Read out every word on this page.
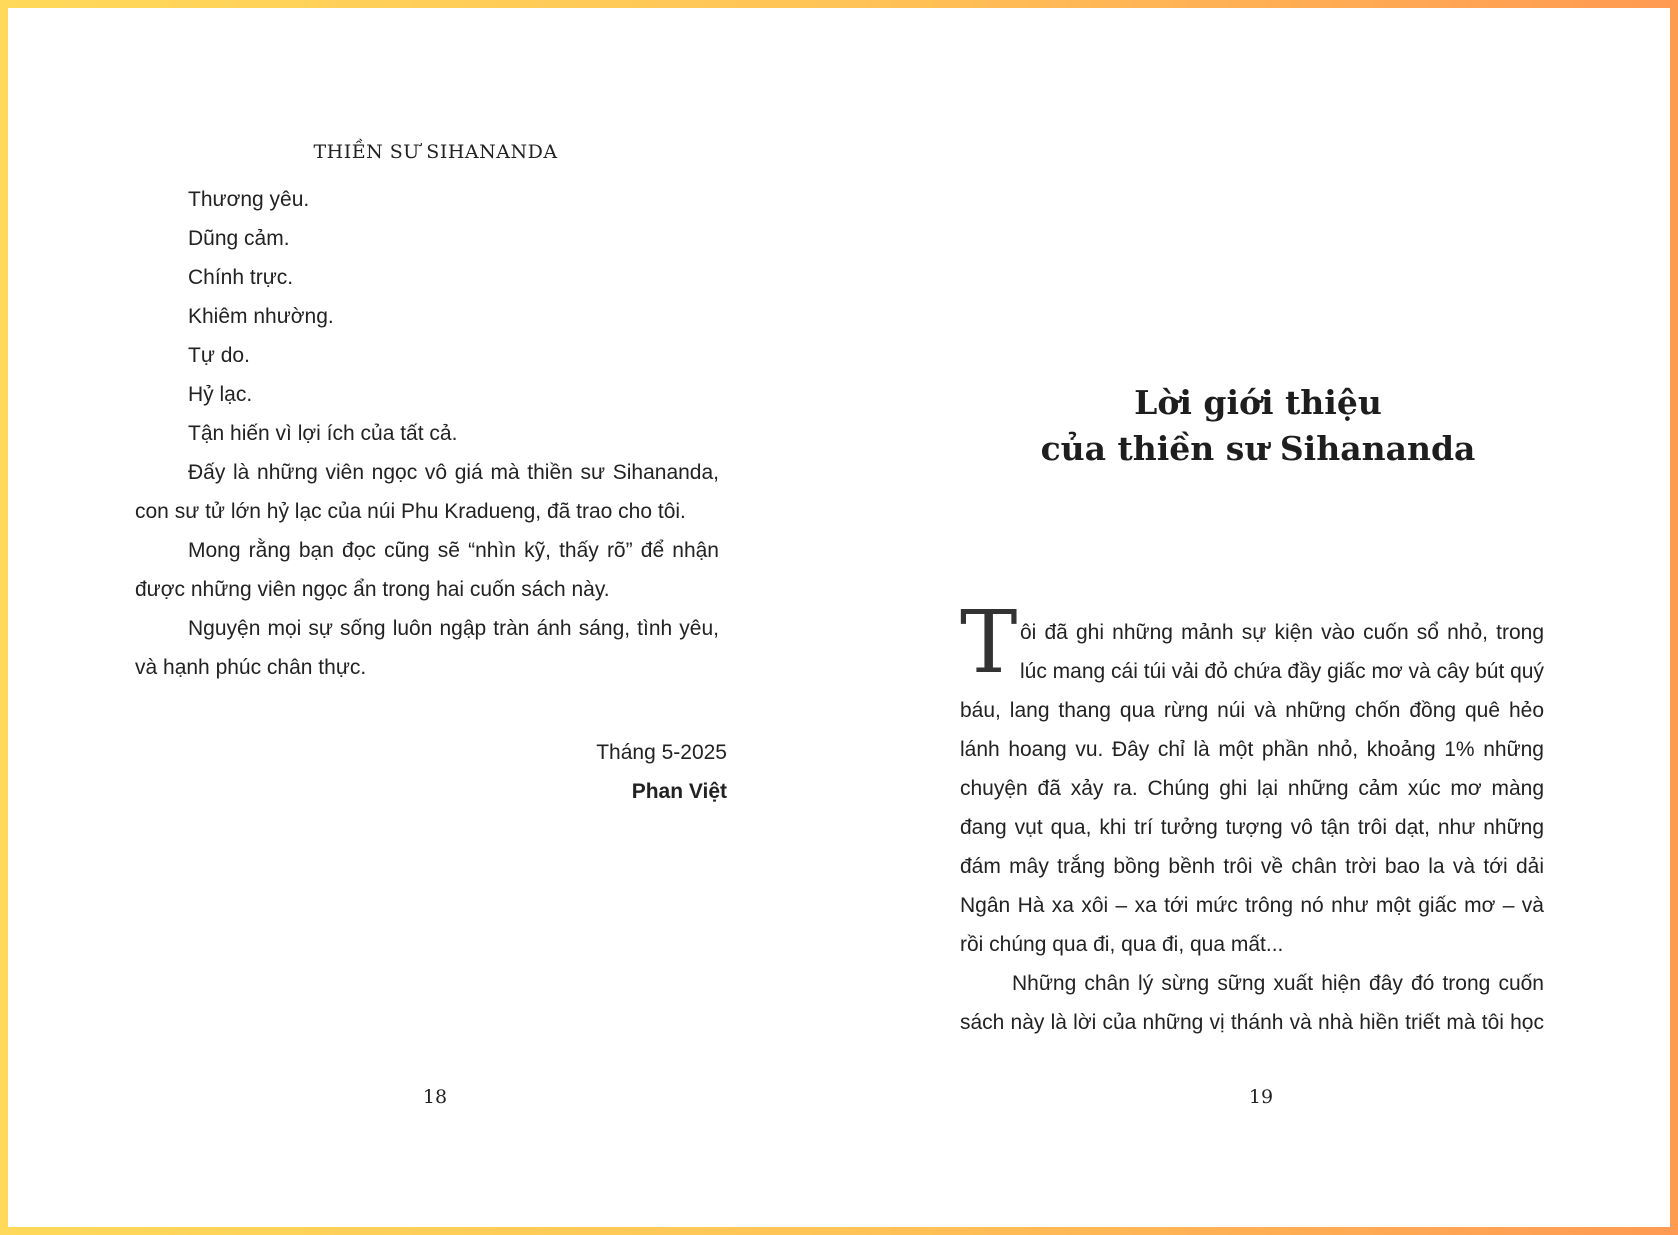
THIỀN SƯ SIHANANDA
Thương yêu.
Dũng cảm.
Chính trực.
Khiêm nhường.
Tự do.
Hỷ lạc.
Tận hiến vì lợi ích của tất cả.
Đấy là những viên ngọc vô giá mà thiền sư Sihananda,
con sư tử lớn hỷ lạc của núi Phu Kradueng, đã trao cho tôi.
Mong rằng bạn đọc cũng sẽ “nhìn kỹ, thấy rõ” để nhận
được những viên ngọc ẩn trong hai cuốn sách này.
Nguyện mọi sự sống luôn ngập tràn ánh sáng, tình yêu,
và hạnh phúc chân thực.
Tháng 5-2025
Phan Việt
18
Lời giới thiệu
của thiền sư Sihananda
T ôi đã ghi những mảnh sự kiện vào cuốn sổ nhỏ, trong
lúc mang cái túi vải đỏ chứa đầy giấc mơ và cây bút quý
báu, lang thang qua rừng núi và những chốn đồng quê hẻo
lánh hoang vu. Đây chỉ là một phần nhỏ, khoảng 1% những
chuyện đã xảy ra. Chúng ghi lại những cảm xúc mơ màng
đang vụt qua, khi trí tưởng tượng vô tận trôi dạt, như những
đám mây trắng bồng bềnh trôi về chân trời bao la và tới dải
Ngân Hà xa xôi – xa tới mức trông nó như một giấc mơ – và
rồi chúng qua đi, qua đi, qua mất...
Những chân lý sừng sững xuất hiện đây đó trong cuốn
sách này là lời của những vị thánh và nhà hiền triết mà tôi học
19
